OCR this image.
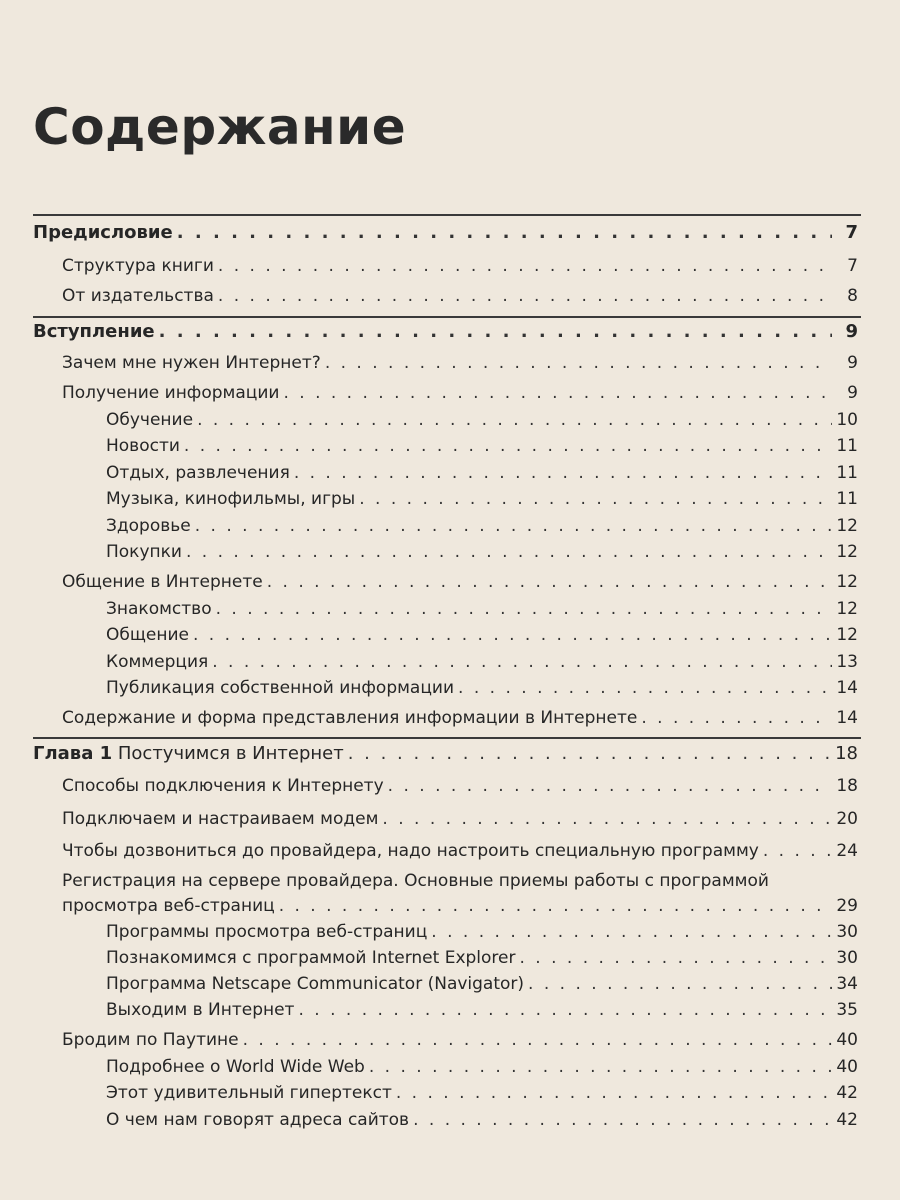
Содержание
Предисловие . . .	7
Структура книги . . .	7
От издательства . . .	8
Вступление . . .	9
Зачем мне нужен Интернет? . . .	9
Получение информации . . .	9
Обучение . . .	10
Новости . . .	11
Отдых, развлечения . . .	11
Музыка, кинофильмы, игры . . .	11
Здоровье . . .	12
Покупки . . .	12
Общение в Интернете . . .	12
Знакомство . . .	12
Общение . . .	12
Коммерция . . .	13
Публикация собственной информации . . .	14
Содержание и форма представления информации в Интернете . . .	14
Глава 1 Постучимся в Интернет . . .	18
Способы подключения к Интернету . . .	18
Подключаем и настраиваем модем . . .	20
Чтобы дозвониться до провайдера, надо настроить специальную программу . . .	24
Регистрация на сервере провайдера. Основные приемы работы с программой
просмотра веб-страниц . . .	29
Программы просмотра веб-страниц . . .	30
Познакомимся с программой Internet Explorer . . .	30
Программа Netscape Communicator (Navigator) . . .	34
Выходим в Интернет . . .	35
Бродим по Паутине . . .	40
Подробнее о World Wide Web . . .	40
Этот удивительный гипертекст . . .	42
О чем нам говорят адреса сайтов . . .	42
